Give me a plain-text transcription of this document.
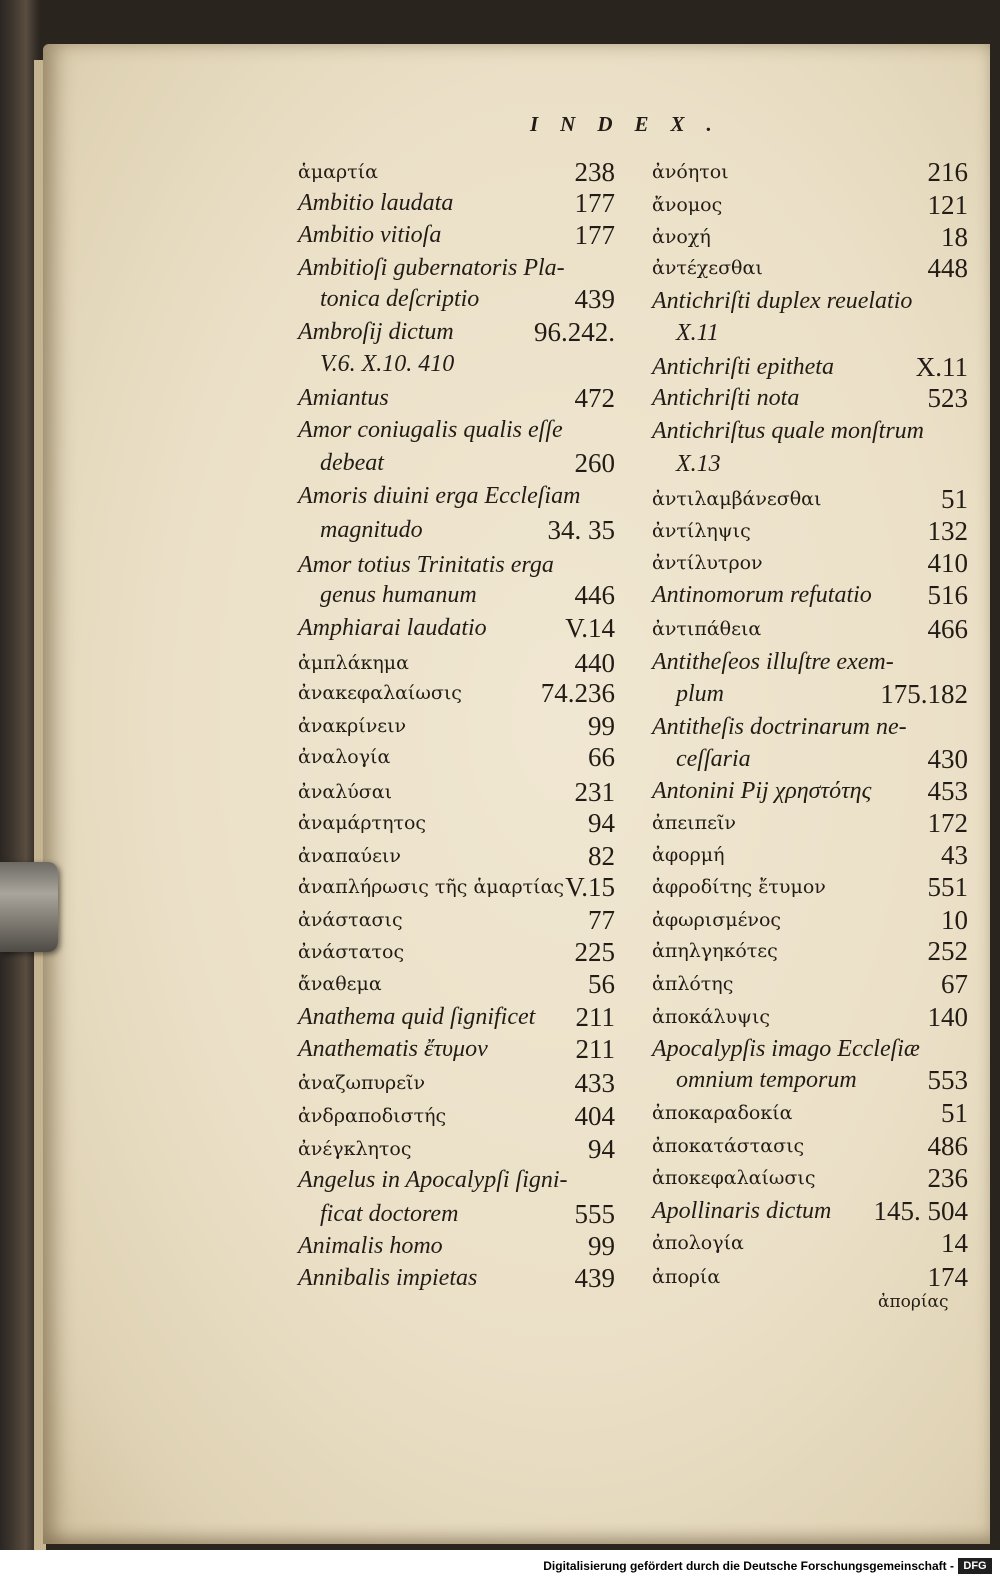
INDEX.
ἁμαρτία	238
Ambitio laudata	177
Ambitio vitioſa	177
Ambitioſi gubernatoris Pla-
tonica deſcriptio	439
Ambroſij dictum	96.242.
V.6. X.10. 410
Amiantus	472
Amor coniugalis qualis eſſe
debeat	260
Amoris diuini erga Eccleſiam
magnitudo	34. 35
Amor totius Trinitatis erga
genus humanum	446
Amphiarai laudatio	V.14
ἀμπλάκημα	440
ἀνακεφαλαίωσις	74.236
ἀνακρίνειν	99
ἀναλογία	66
ἀναλύσαι	231
ἀναμάρτητος	94
ἀναπαύειν	82
ἀναπλήρωσις τῆς ἁμαρτίας V.15
ἀνάστασις	77
ἀνάστατος	225
ἄναθεμα	56
Anathema quid ſignificet	211
Anathematis ἔτυμον	211
ἀναζωπυρεῖν	433
ἀνδραποδιστής	404
ἀνέγκλητος	94
Angelus in Apocalypſi ſigni-
ficat doctorem	555
Animalis homo	99
Annibalis impietas	439
ἀνόητοι	216
ἄνομος	121
ἀνοχή	18
ἀντέχεσθαι	448
Antichriſti duplex reuelatio
X.11
Antichriſti epitheta	X.11
Antichriſti nota	523
Antichriſtus quale monſtrum
X.13
ἀντιλαμβάνεσθαι	51
ἀντίληψις	132
ἀντίλυτρον	410
Antinomorum refutatio	516
ἀντιπάθεια	466
Antitheſeos illuſtre exem-
plum	175.182
Antitheſis doctrinarum ne-
ceſſaria	430
Antonini Pij χρηστότης	453
ἀπειπεῖν	172
ἀφορμή	43
ἀφροδίτης ἔτυμον	551
ἀφωρισμένος	10
ἀπηλγηκότες	252
ἁπλότης	67
ἀποκάλυψις	140
Apocalypſis imago Eccleſiæ
omnium temporum	553
ἀποκαραδοκία	51
ἀποκατάστασις	486
ἀποκεφαλαίωσις	236
Apollinaris dictum	145. 504
ἀπολογία	14
ἀπορία	174
ἀπορίας
Digitalisierung gefördert durch die Deutsche Forschungsgemeinschaft - DFG
